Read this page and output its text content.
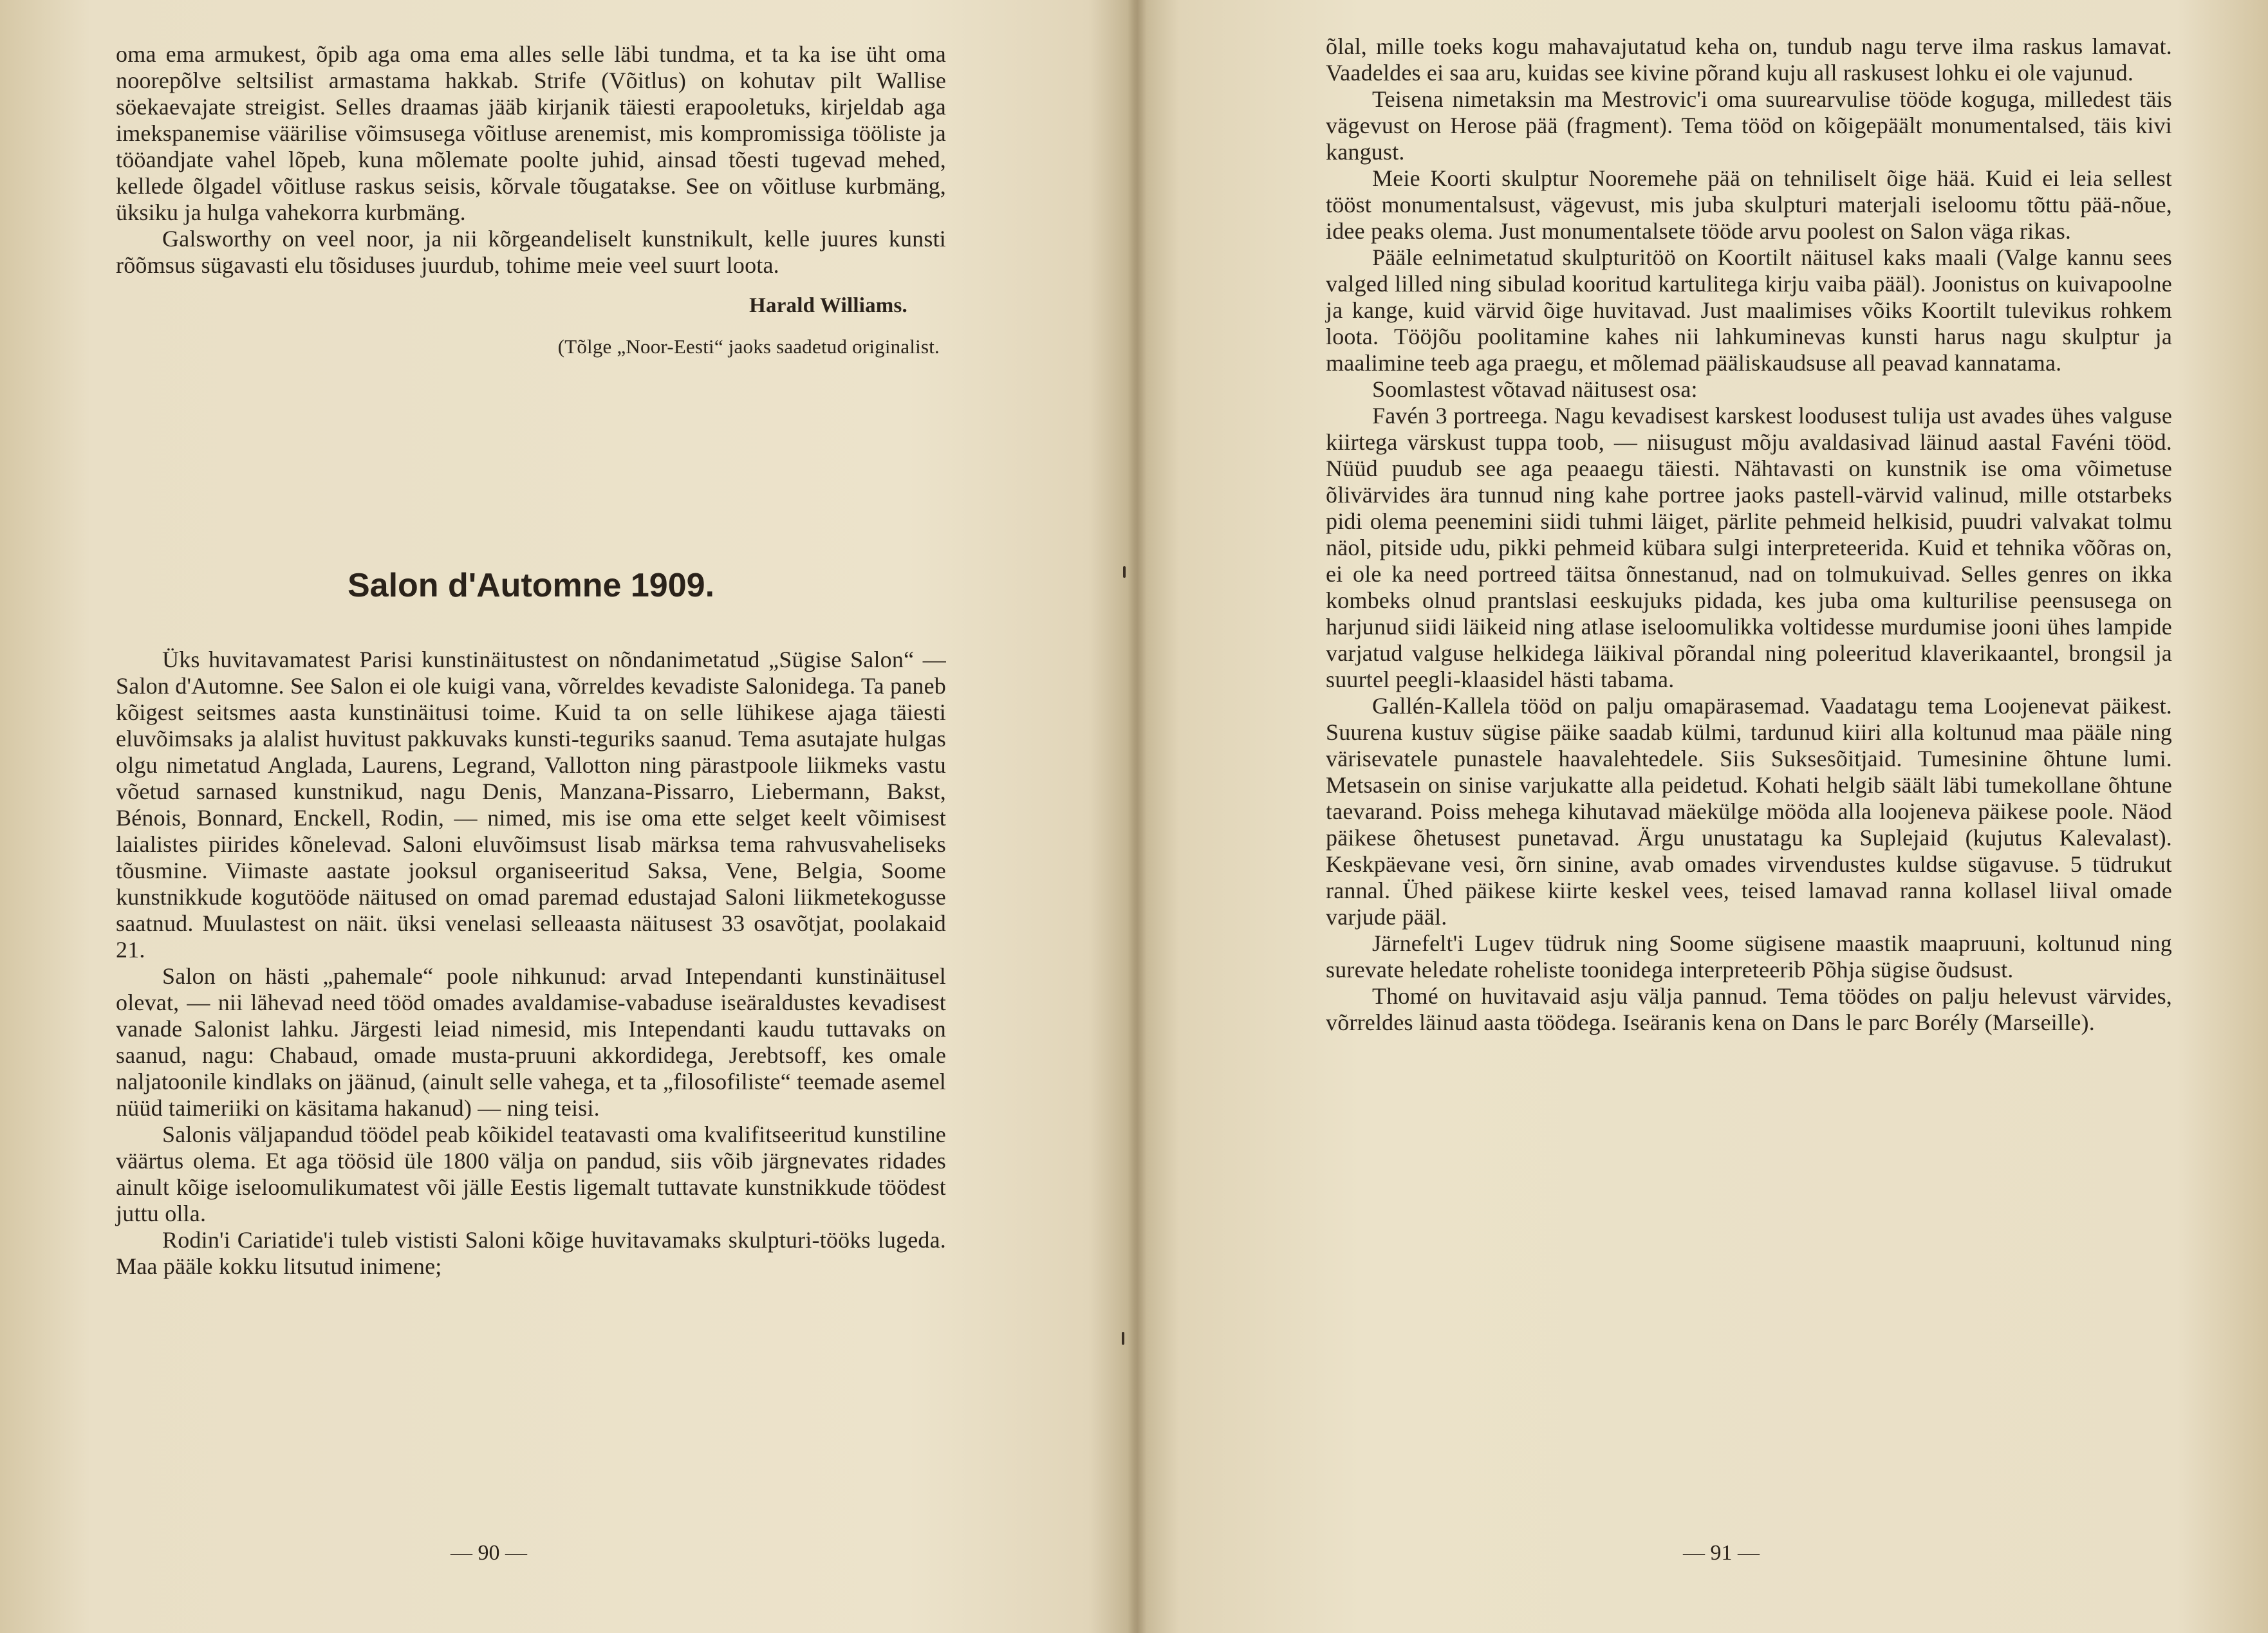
oma ema armukest, õpib aga oma ema alles selle läbi tundma, et ta ka ise üht oma noorepõlve seltsilist armastama hakkab. Strife (Võitlus) on kohutav pilt Wallise söekaevajate streigist. Selles draamas jääb kirjanik täiesti erapooletuks, kirjeldab aga imekspanemise väärilise võimsusega võitluse arenemist, mis kompromissiga tööliste ja tööandjate vahel lõpeb, kuna mõlemate poolte juhid, ainsad tõesti tugevad mehed, kellede õlgadel võitluse raskus seisis, kõrvale tõugatakse. See on võitluse kurbmäng, üksiku ja hulga vahekorra kurbmäng.

Galsworthy on veel noor, ja nii kõrgeandeliselt kunstnikult, kelle juures kunsti rõõmsus sügavasti elu tõsiduses juurdub, tohime meie veel suurt loota.

Harald Williams.

(Tõlge „Noor-Eesti“ jaoks saadetud originalist.

Salon d'Automne 1909.

Üks huvitavamatest Parisi kunstinäitustest on nõndanimetatud „Sügise Salon“ — Salon d'Automne. See Salon ei ole kuigi vana, võrreldes kevadiste Salonidega. Ta paneb kõigest seitsmes aasta kunstinäitusi toime. Kuid ta on selle lühikese ajaga täiesti eluvõimsaks ja alalist huvitust pakkuvaks kunsti-teguriks saanud. Tema asutajate hulgas olgu nimetatud Anglada, Laurens, Legrand, Vallotton ning pärastpoole liikmeks vastu võetud sarnased kunstnikud, nagu Denis, Manzana-Pissarro, Liebermann, Bakst, Bénois, Bonnard, Enckell, Rodin, — nimed, mis ise oma ette selget keelt võimisest laialistes piirides kõnelevad. Saloni eluvõimsust lisab märksa tema rahvusvaheliseks tõusmine. Viimaste aastate jooksul organiseeritud Saksa, Vene, Belgia, Soome kunstnikkude kogutööde näitused on omad paremad edustajad Saloni liikmetekogusse saatnud. Muulastest on näit. üksi venelasi selleaasta näitusest 33 osavõtjat, poolakaid 21.

Salon on hästi „pahemale“ poole nihkunud: arvad Intependanti kunstinäitusel olevat, — nii lähevad need tööd omades avaldamise-vabaduse iseäraldustes kevadisest vanade Salonist lahku. Järgesti leiad nimesid, mis Intependanti kaudu tuttavaks on saanud, nagu: Chabaud, omade musta-pruuni akkordidega, Jerebtsoff, kes omale naljatoonile kindlaks on jäänud, (ainult selle vahega, et ta „filosofiliste“ teemade asemel nüüd taimeriiki on käsitama hakanud) — ning teisi.

Salonis väljapandud töödel peab kõikidel teatavasti oma kvalifitseeritud kunstiline väärtus olema. Et aga töösid üle 1800 välja on pandud, siis võib järgnevates ridades ainult kõige iseloomulikumatest või jälle Eestis ligemalt tuttavate kunstnikkude töödest juttu olla.

Rodin'i Cariatide'i tuleb vististi Saloni kõige huvitavamaks skulpturi-tööks lugeda. Maa pääle kokku litsutud inimene;

— 90 —

õlal, mille toeks kogu mahavajutatud keha on, tundub nagu terve ilma raskus lamavat. Vaadeldes ei saa aru, kuidas see kivine põrand kuju all raskusest lohku ei ole vajunud.

Teisena nimetaksin ma Mestrovic'i oma suurearvulise tööde koguga, milledest täis vägevust on Herose pää (fragment). Tema tööd on kõigepäält monumentalsed, täis kivi kangust.

Meie Koorti skulptur Nooremehe pää on tehniliselt õige hää. Kuid ei leia sellest tööst monumentalsust, vägevust, mis juba skulpturi materjali iseloomu tõttu pää-nõue, idee peaks olema. Just monumentalsete tööde arvu poolest on Salon väga rikas.

Pääle eelnimetatud skulpturitöö on Koortilt näitusel kaks maali (Valge kannu sees valged lilled ning sibulad kooritud kartulitega kirju vaiba pääl). Joonistus on kuivapoolne ja kange, kuid värvid õige huvitavad. Just maalimises võiks Koortilt tulevikus rohkem loota. Tööjõu poolitamine kahes nii lahkuminevas kunsti harus nagu skulptur ja maalimine teeb aga praegu, et mõlemad pääliskaudsuse all peavad kannatama.

Soomlastest võtavad näitusest osa:

Favén 3 portreega. Nagu kevadisest karskest loodusest tulija ust avades ühes valguse kiirtega värskust tuppa toob, — niisugust mõju avaldasivad läinud aastal Favéni tööd. Nüüd puudub see aga peaaegu täiesti. Nähtavasti on kunstnik ise oma võimetuse õlivärvides ära tunnud ning kahe portree jaoks pastell-värvid valinud, mille otstarbeks pidi olema peenemini siidi tuhmi läiget, pärlite pehmeid helkisid, puudri valvakat tolmu näol, pitside udu, pikki pehmeid kübara sulgi interpreteerida. Kuid et tehnika võõras on, ei ole ka need portreed täitsa õnnestanud, nad on tolmukuivad. Selles genres on ikka kombeks olnud prantslasi eeskujuks pidada, kes juba oma kulturilise peensusega on harjunud siidi läikeid ning atlase iseloomulikka voltidesse murdumise jooni ühes lampide varjatud valguse helkidega läikival põrandal ning poleeritud klaverikaantel, brongsil ja suurtel peegli-klaasidel hästi tabama.

Gallén-Kallela tööd on palju omapärasemad. Vaadatagu tema Loojenevat päikest. Suurena kustuv sügise päike saadab külmi, tardunud kiiri alla koltunud maa pääle ning värisevatele punastele haavalehtedele. Siis Suksesõitjaid. Tumesinine õhtune lumi. Metsasein on sinise varjukatte alla peidetud. Kohati helgib säält läbi tumekollane õhtune taevarand. Poiss mehega kihutavad mäekülge mööda alla loojeneva päikese poole. Näod päikese õhetusest punetavad. Ärgu unustatagu ka Suplejaid (kujutus Kalevalast). Keskpäevane vesi, õrn sinine, avab omades virvendustes kuldse sügavuse. 5 tüdrukut rannal. Ühed päikese kiirte keskel vees, teised lamavad ranna kollasel liival omade varjude pääl.

Järnefelt'i Lugev tüdruk ning Soome sügisene maastik maapruuni, koltunud ning surevate heledate roheliste toonidega interpreteerib Põhja sügise õudsust.

Thomé on huvitavaid asju välja pannud. Tema töödes on palju helevust värvides, võrreldes läinud aasta töödega. Iseäranis kena on Dans le parc Borély (Marseille).

— 91 —
